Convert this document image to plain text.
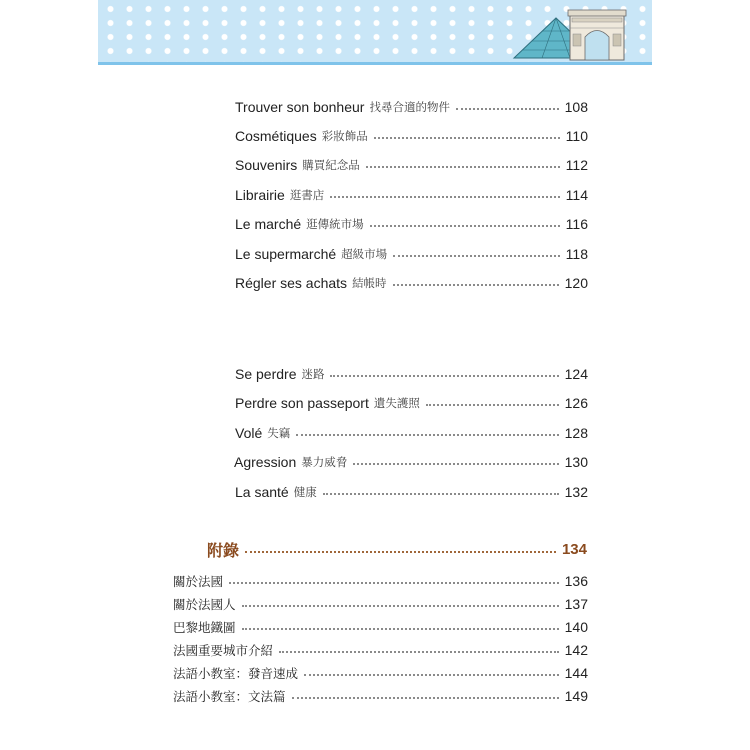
Trouver son bonheur 找尋合適的物件	108
Cosmétiques 彩妝飾品	110
Souvenirs 購買紀念品	112
Librairie 逛書店	114
Le marché 逛傳統市場	116
Le supermarché 超級市場	118
Régler ses achats 結帳時	120
Se perdre 迷路	124
Perdre son passeport 遺失護照	126
Volé 失竊	128
Agression 暴力威脅	130
La santé 健康	132
附錄	134
關於法國	136
關於法國人	137
巴黎地鐵圖	140
法國重要城市介紹	142
法語小教室：發音速成	144
法語小教室：文法篇	149
